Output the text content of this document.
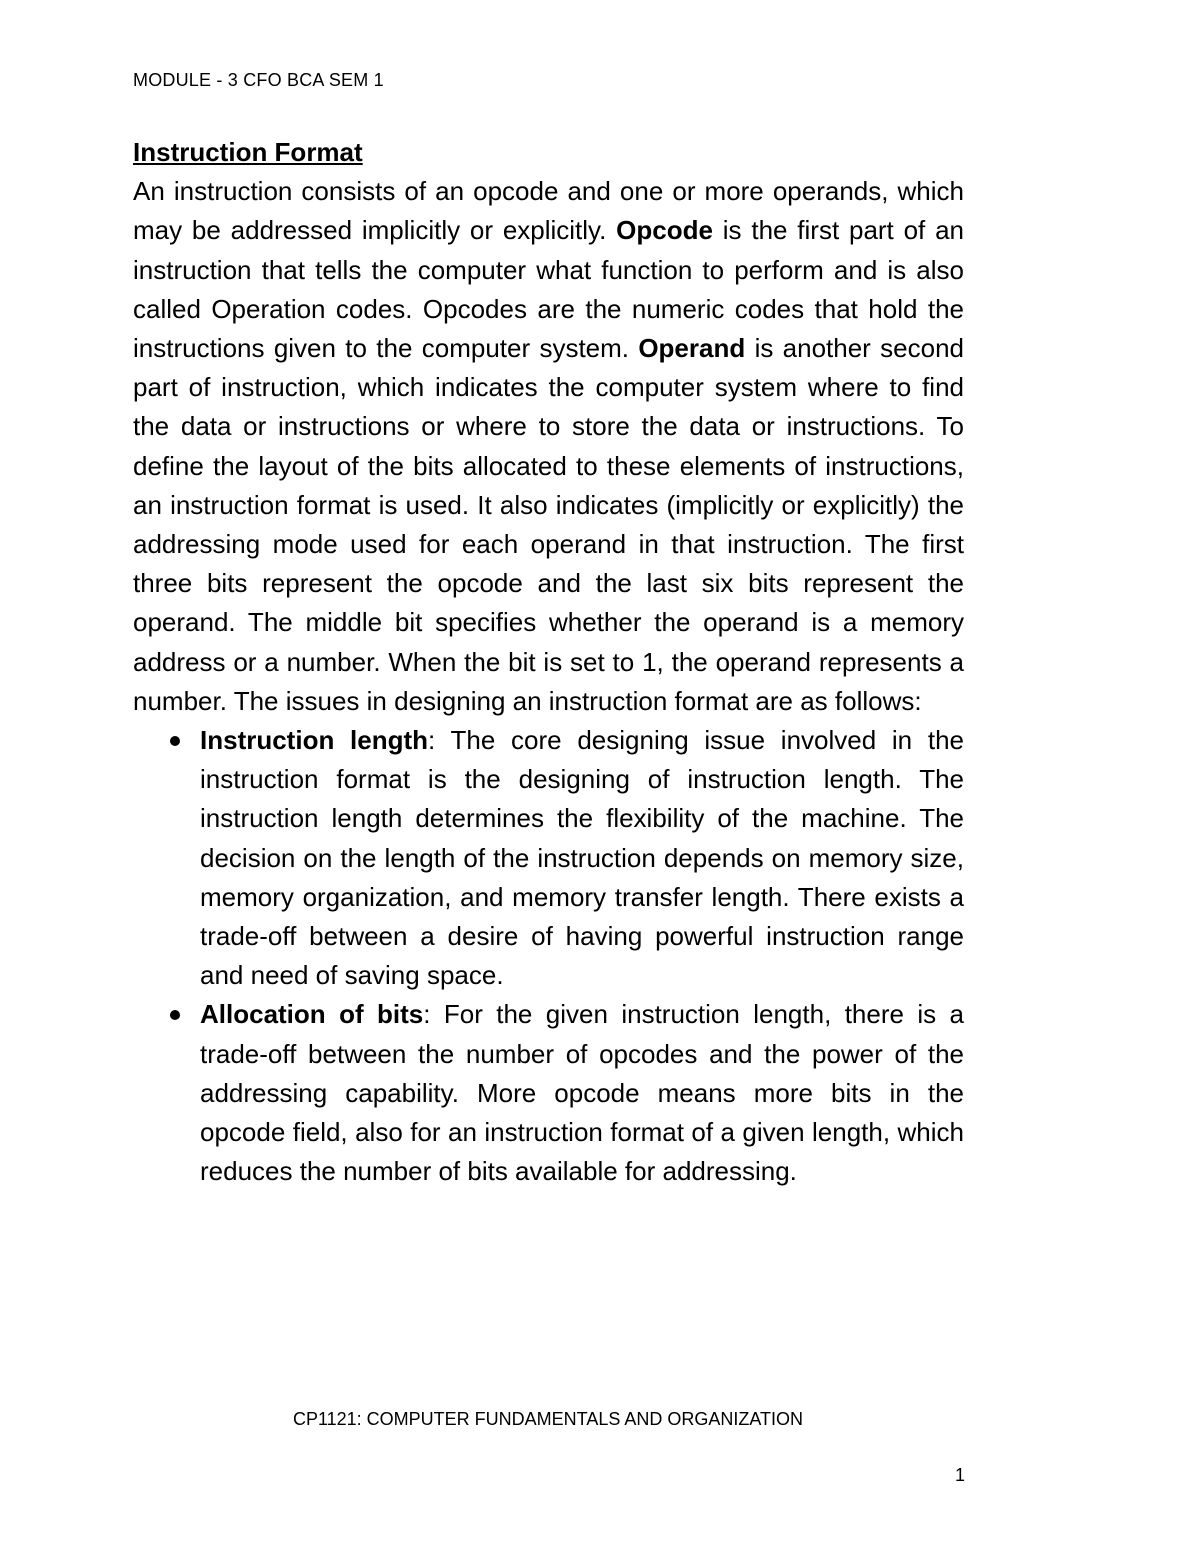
MODULE - 3 CFO BCA SEM 1

Instruction Format

An instruction consists of an opcode and one or more operands, which may be addressed implicitly or explicitly. Opcode is the first part of an instruction that tells the computer what function to perform and is also called Operation codes. Opcodes are the numeric codes that hold the instructions given to the computer system. Operand is another second part of instruction, which indicates the computer system where to find the data or instructions or where to store the data or instructions. To define the layout of the bits allocated to these elements of instructions, an instruction format is used. It also indicates (implicitly or explicitly) the addressing mode used for each operand in that instruction. The first three bits represent the opcode and the last six bits represent the operand. The middle bit specifies whether the operand is a memory address or a number. When the bit is set to 1, the operand represents a number. The issues in designing an instruction format are as follows:

Instruction length: The core designing issue involved in the instruction format is the designing of instruction length. The instruction length determines the flexibility of the machine. The decision on the length of the instruction depends on memory size, memory organization, and memory transfer length. There exists a trade-off between a desire of having powerful instruction range and need of saving space.
Allocation of bits: For the given instruction length, there is a trade-off between the number of opcodes and the power of the addressing capability. More opcode means more bits in the opcode field, also for an instruction format of a given length, which reduces the number of bits available for addressing.
CP1121: COMPUTER FUNDAMENTALS AND ORGANIZATION
1
